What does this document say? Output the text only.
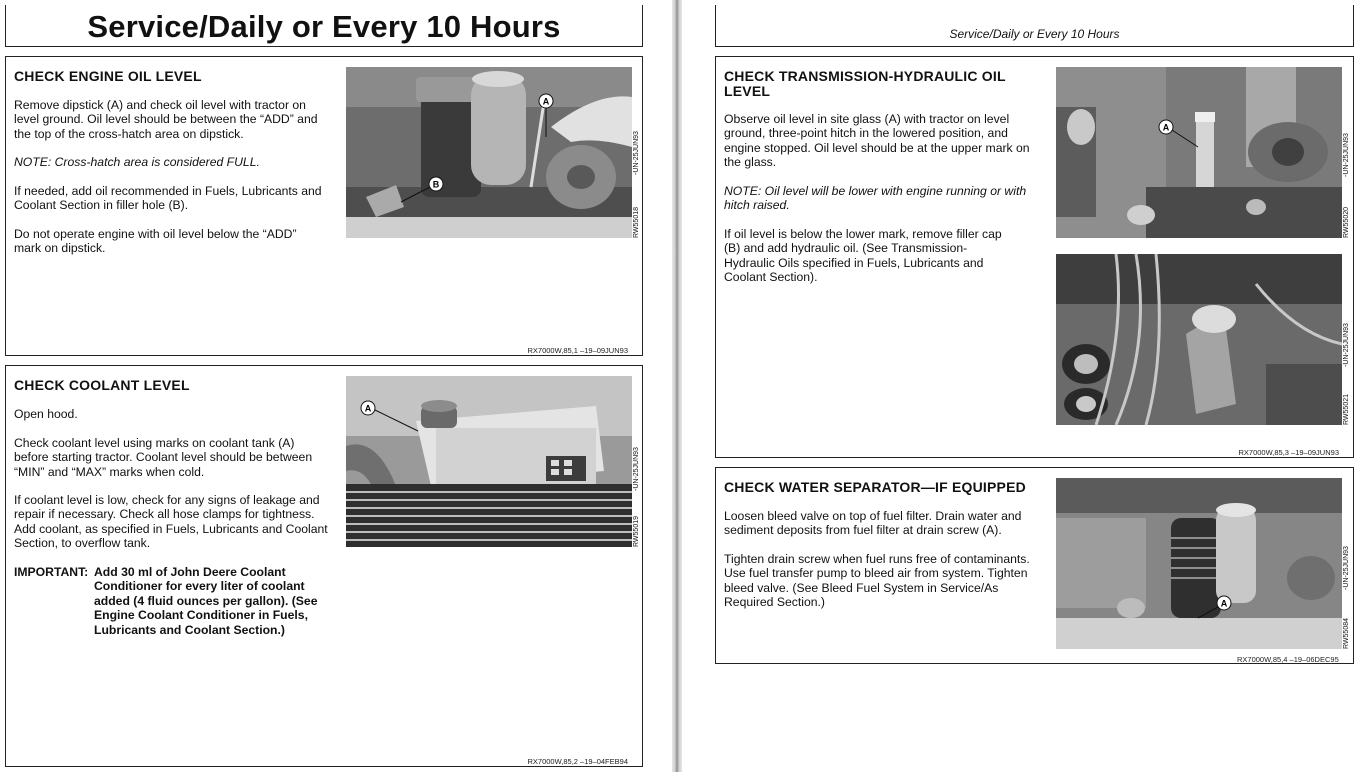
Service/Daily or Every 10 Hours
CHECK ENGINE OIL LEVEL

Remove dipstick (A) and check oil level with tractor on level ground. Oil level should be between the “ADD” and the top of the cross-hatch area on dipstick.

NOTE: Cross-hatch area is considered FULL.

If needed, add oil recommended in Fuels, Lubricants and Coolant Section in filler hole (B).

Do not operate engine with oil level below the “ADD” mark on dipstick.

A
B
RW55018
-UN-25JUN93
RX7000W,85,1 –19–09JUN93
CHECK COOLANT LEVEL

Open hood.

Check coolant level using marks on coolant tank (A) before starting tractor. Coolant level should be between “MIN” and “MAX” marks when cold.

If coolant level is low, check for any signs of leakage and repair if necessary. Check all hose clamps for tightness. Add coolant, as specified in Fuels, Lubricants and Coolant Section, to overflow tank.

IMPORTANT: Add 30 ml of John Deere Coolant Conditioner for every liter of coolant added (4 fluid ounces per gallon). (See Engine Coolant Conditioner in Fuels, Lubricants and Coolant Section.)
A
RW55019
-UN-25JUN93
RX7000W,85,2 –19–04FEB94
Service/Daily or Every 10 Hours
CHECK TRANSMISSION-HYDRAULIC OIL LEVEL

Observe oil level in site glass (A) with tractor on level ground, three-point hitch in the lowered position, and engine stopped. Oil level should be at the upper mark on the glass.

NOTE: Oil level will be lower with engine running or with hitch raised.

If oil level is below the lower mark, remove filler cap (B) and add hydraulic oil. (See Transmission-Hydraulic Oils specified in Fuels, Lubricants and Coolant Section).

A
RW55020
-UN-25JUN93
RW55021
-UN-25JUN93
RX7000W,85,3 –19–09JUN93
CHECK WATER SEPARATOR—IF EQUIPPED

Loosen bleed valve on top of fuel filter. Drain water and sediment deposits from fuel filter at drain screw (A).

Tighten drain screw when fuel runs free of contaminants. Use fuel transfer pump to bleed air from system. Tighten bleed valve. (See Bleed Fuel System in Service/As Required Section.)	A
RW55084
-UN-25JUN93
RX7000W,85,4 –19–06DEC95
